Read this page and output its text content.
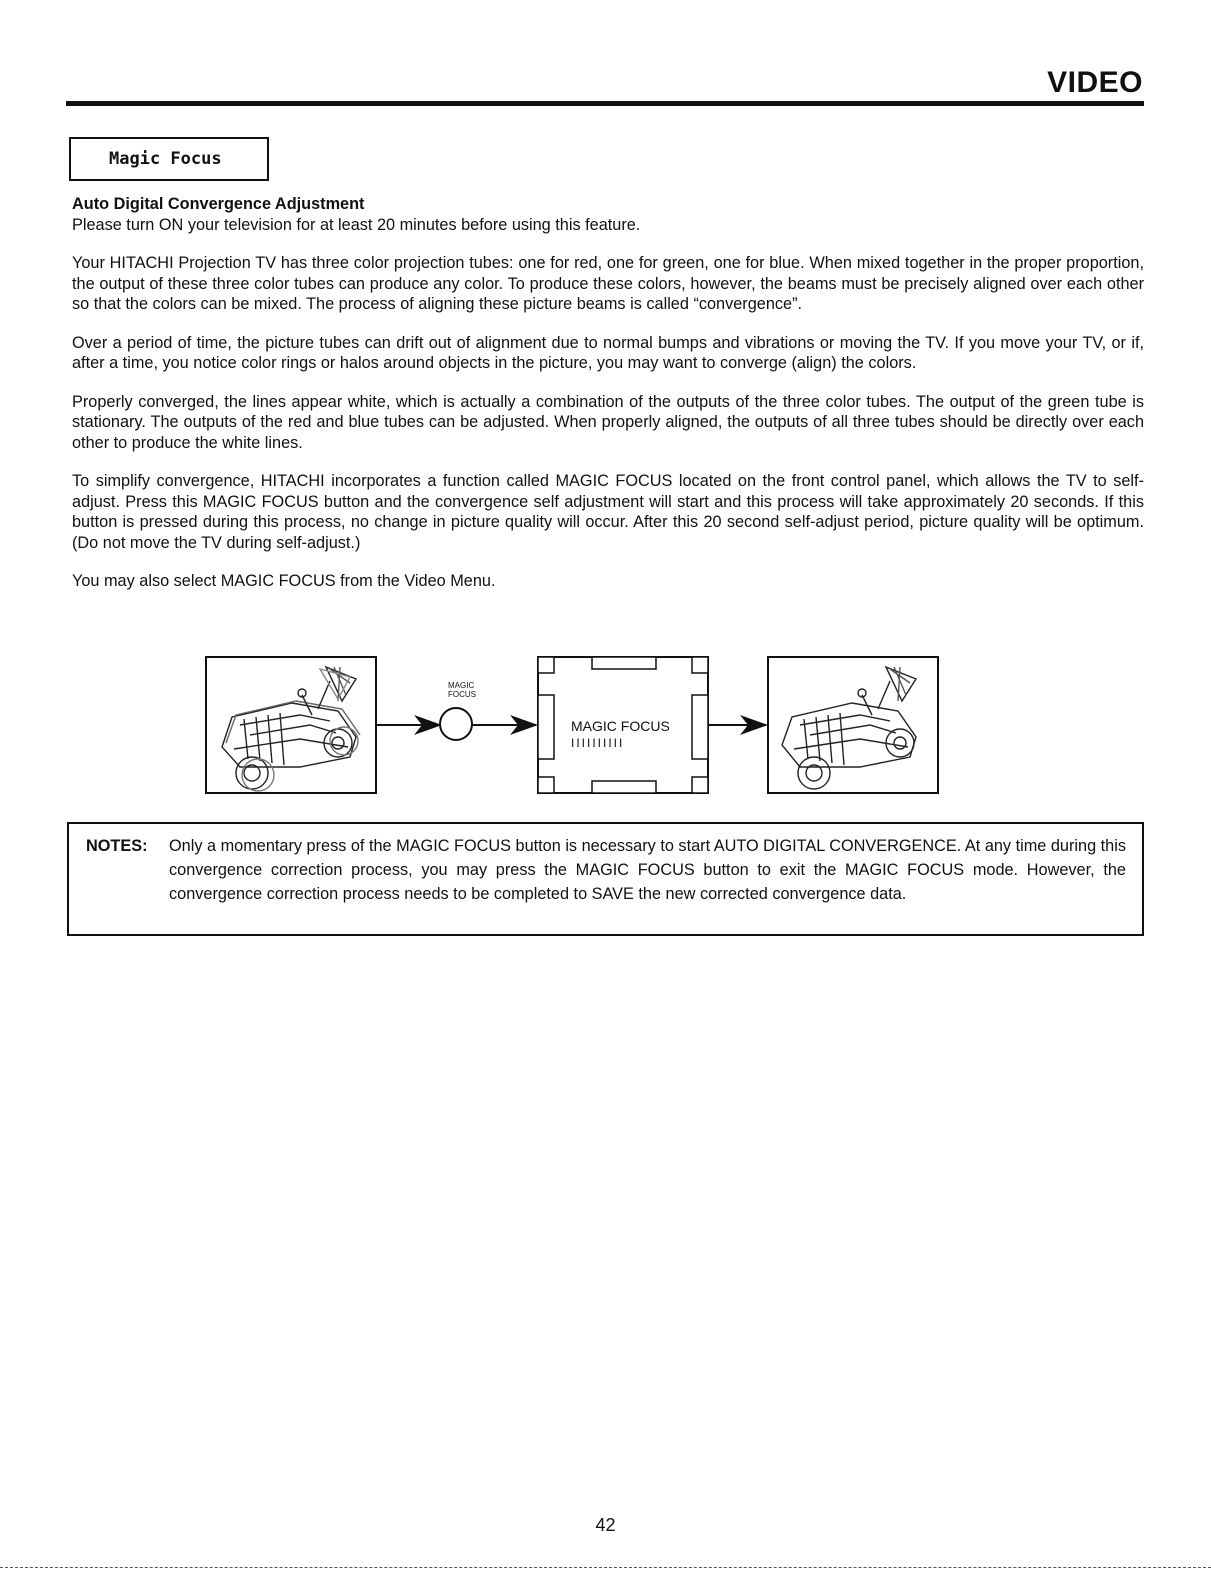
VIDEO
Magic Focus

Auto Digital Convergence Adjustment

Please turn ON your television for at least 20 minutes before using this feature.

Your HITACHI Projection TV has three color projection tubes: one for red, one for green, one for blue. When mixed together in the proper proportion, the output of these three color tubes can produce any color. To produce these colors, however, the beams must be precisely aligned over each other so that the colors can be mixed. The process of aligning these picture beams is called “convergence”.

Over a period of time, the picture tubes can drift out of alignment due to normal bumps and vibrations or moving the TV. If you move your TV, or if, after a time, you notice color rings or halos around objects in the picture, you may want to converge (align) the colors.

Properly converged, the lines appear white, which is actually a combination of the outputs of the three color tubes. The output of the green tube is stationary. The outputs of the red and blue tubes can be adjusted. When properly aligned, the outputs of all three tubes should be directly over each other to produce the white lines.

To simplify convergence, HITACHI incorporates a function called MAGIC FOCUS located on the front control panel, which allows the TV to self-adjust. Press this MAGIC FOCUS button and the convergence self adjustment will start and this process will take approximately 20 seconds. If this button is pressed during this process, no change in picture quality will occur. After this 20 second self-adjust period, picture quality will be optimum. (Do not move the TV during self-adjust.)

You may also select MAGIC FOCUS from the Video Menu.

MAGIC
FOCUS
MAGIC FOCUS
IIIIIIIIII
NOTES: Only a momentary press of the MAGIC FOCUS button is necessary to start AUTO DIGITAL CONVERGENCE. At any time during this convergence correction process, you may press the MAGIC FOCUS button to exit the MAGIC FOCUS mode. However, the convergence correction process needs to be completed to SAVE the new corrected convergence data.
42
